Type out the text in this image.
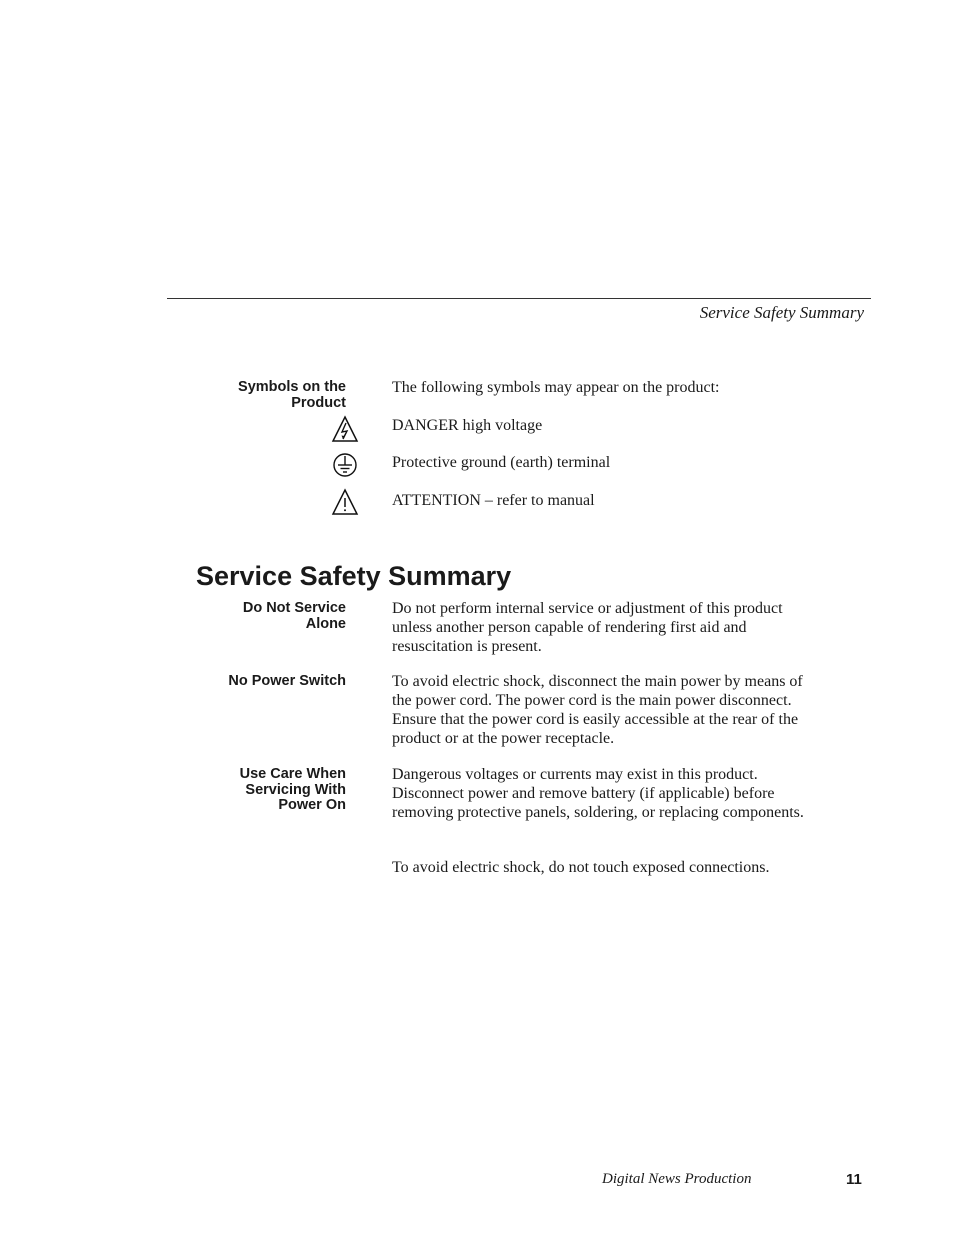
Service Safety Summary
Symbols on the
Product
The following symbols may appear on the product:
DANGER high voltage
Protective ground (earth) terminal
ATTENTION – refer to manual
Service Safety Summary
Do Not Service
Alone
Do not perform internal service or adjustment of this product unless another person capable of rendering first aid and resuscitation is present.
No Power Switch	To avoid electric shock, disconnect the main power by means of the power cord. The power cord is the main power disconnect. Ensure that the power cord is easily accessible at the rear of the product or at the power receptacle.
Use Care When
Servicing With
Power On
Dangerous voltages or currents may exist in this product. Disconnect power and remove battery (if applicable) before removing protective panels, soldering, or replacing components.
To avoid electric shock, do not touch exposed connections.
Digital News Production	11
